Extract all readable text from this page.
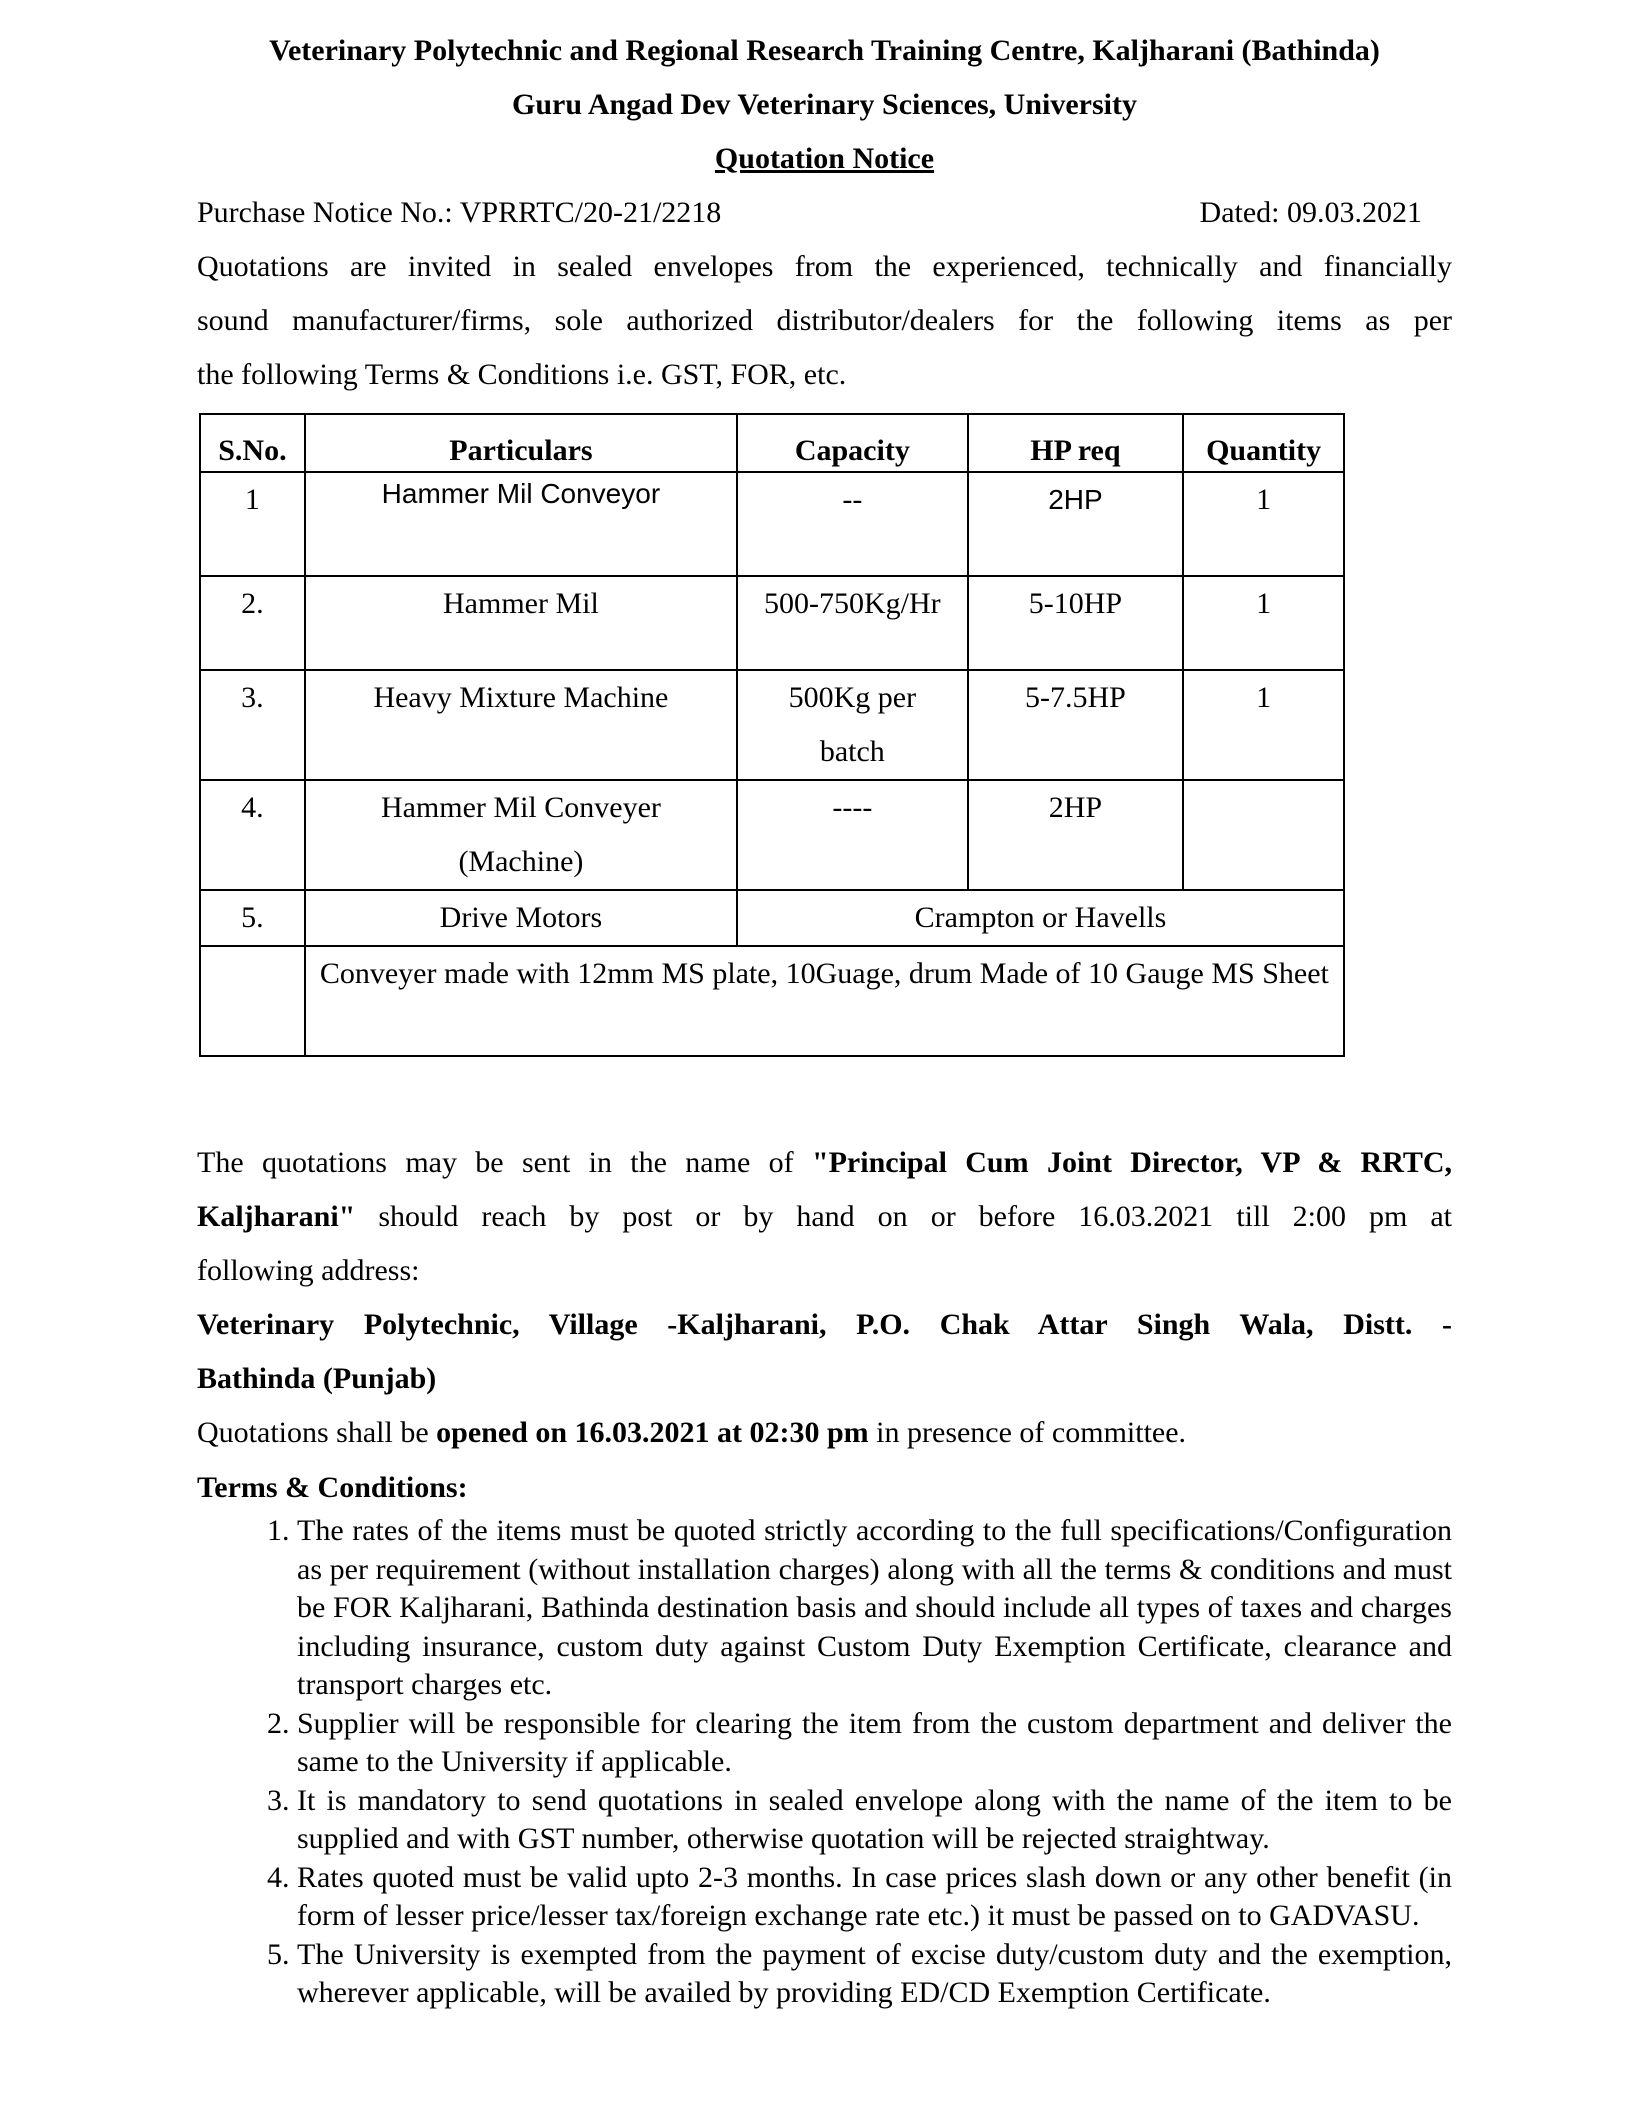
Veterinary Polytechnic and Regional Research Training Centre, Kaljharani (Bathinda)
Guru Angad Dev Veterinary Sciences, University
Quotation Notice
Purchase Notice No.: VPRRTC/20-21/2218	Dated: 09.03.2021
Quotations are invited in sealed envelopes from the experienced, technically and financially
sound manufacturer/firms, sole authorized distributor/dealers for the following items as per
the following Terms & Conditions i.e. GST, FOR, etc.
S.No.	Particulars	Capacity	HP req	Quantity
1	Hammer Mil Conveyor	--	2HP	1
2.	Hammer Mil	500-750Kg/Hr	5-10HP	1
3.	Heavy Mixture Machine	500Kg per batch	5-7.5HP	1
4.	Hammer Mil Conveyer (Machine)	----	2HP	
5.	Drive Motors	Crampton or Havells		
	Conveyer made with 12mm MS plate, 10Guage, drum Made of 10 Gauge MS Sheet			
The quotations may be sent in the name of "Principal Cum Joint Director, VP & RRTC,
Kaljharani" should reach by post or by hand on or before 16.03.2021 till 2:00 pm at
following address:
Veterinary Polytechnic, Village -Kaljharani, P.O. Chak Attar Singh Wala, Distt. -
Bathinda (Punjab)
Quotations shall be opened on 16.03.2021 at 02:30 pm in presence of committee.
Terms & Conditions:
1. The rates of the items must be quoted strictly according to the full specifications/Configuration as per requirement (without installation charges) along with all the terms & conditions and must be FOR Kaljharani, Bathinda destination basis and should include all types of taxes and charges including insurance, custom duty against Custom Duty Exemption Certificate, clearance and transport charges etc.
2. Supplier will be responsible for clearing the item from the custom department and deliver the same to the University if applicable.
3. It is mandatory to send quotations in sealed envelope along with the name of the item to be supplied and with GST number, otherwise quotation will be rejected straightway.
4. Rates quoted must be valid upto 2-3 months. In case prices slash down or any other benefit (in form of lesser price/lesser tax/foreign exchange rate etc.) it must be passed on to GADVASU.
5. The University is exempted from the payment of excise duty/custom duty and the exemption, wherever applicable, will be availed by providing ED/CD Exemption Certificate.
